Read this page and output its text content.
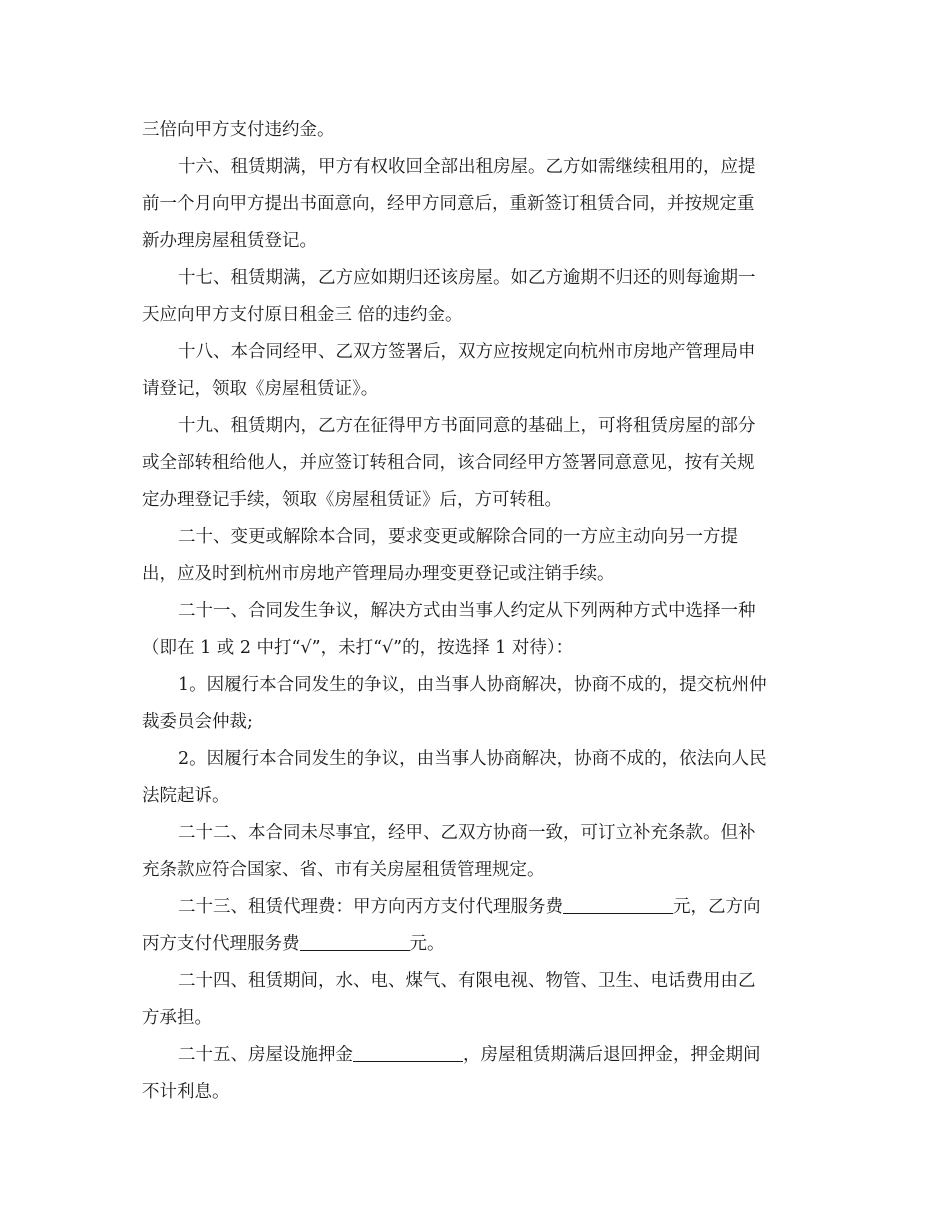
三倍向甲方支付违约金。
十六、租赁期满，甲方有权收回全部出租房屋。乙方如需继续租用的，应提
前一个月向甲方提出书面意向，经甲方同意后，重新签订租赁合同，并按规定重
新办理房屋租赁登记。
十七、租赁期满，乙方应如期归还该房屋。如乙方逾期不归还的则每逾期一
天应向甲方支付原日租金三 倍的违约金。
十八、本合同经甲、乙双方签署后，双方应按规定向杭州市房地产管理局申
请登记，领取《房屋租赁证》。
十九、租赁期内，乙方在征得甲方书面同意的基础上，可将租赁房屋的部分
或全部转租给他人，并应签订转租合同，该合同经甲方签署同意意见，按有关规
定办理登记手续，领取《房屋租赁证》后，方可转租。
二十、变更或解除本合同，要求变更或解除合同的一方应主动向另一方提
出，应及时到杭州市房地产管理局办理变更登记或注销手续。
二十一、合同发生争议，解决方式由当事人约定从下列两种方式中选择一种
（即在 1 或 2 中打“√”，未打“√”的，按选择 1 对待）：
1。因履行本合同发生的争议，由当事人协商解决，协商不成的，提交杭州仲
裁委员会仲裁;
2。因履行本合同发生的争议，由当事人协商解决，协商不成的，依法向人民
法院起诉。
二十二、本合同未尽事宜，经甲、乙双方协商一致，可订立补充条款。但补
充条款应符合国家、省、市有关房屋租赁管理规定。
二十三、租赁代理费：甲方向丙方支付代理服务费	元，乙方向
丙方支付代理服务费	元。
二十四、租赁期间，水、电、煤气、有限电视、物管、卫生、电话费用由乙
方承担。
二十五、房屋设施押金	，房屋租赁期满后退回押金，押金期间
不计利息。
